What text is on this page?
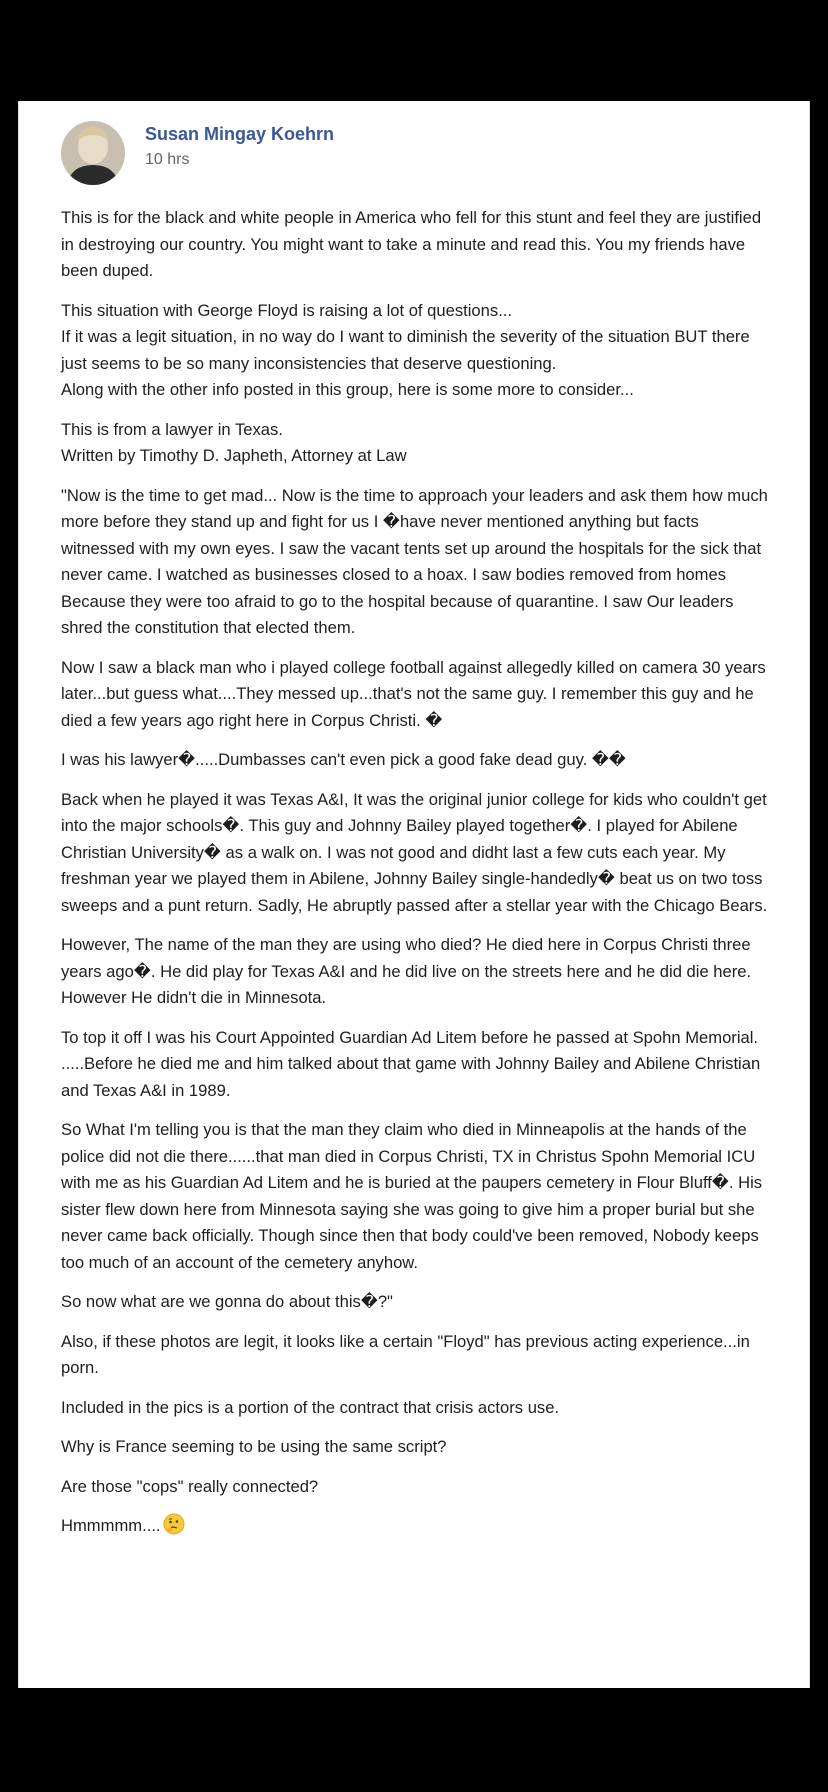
Susan Mingay Koehrn
10 hrs

This is for the black and white people in America who fell for this stunt and feel they are justified in destroying our country. You might want to take a minute and read this. You my friends have been duped.

This situation with George Floyd is raising a lot of questions...
If it was a legit situation, in no way do I want to diminish the severity of the situation BUT there just seems to be so many inconsistencies that deserve questioning.
Along with the other info posted in this group, here is some more to consider...

This is from a lawyer in Texas.
Written by Timothy D. Japheth, Attorney at Law

"Now is the time to get mad... Now is the time to approach your leaders and ask them how much more before they stand up and fight for us I �have never mentioned anything but facts witnessed with my own eyes. I saw the vacant tents set up around the hospitals for the sick that never came. I watched as businesses closed to a hoax. I saw bodies removed from homes Because they were too afraid to go to the hospital because of quarantine. I saw Our leaders shred the constitution that elected them.

Now I saw a black man who i played college football against allegedly killed on camera 30 years later...but guess what....They messed up...that's not the same guy. I remember this guy and he died a few years ago right here in Corpus Christi. �

I was his lawyer�.....Dumbasses can't even pick a good fake dead guy. ��

Back when he played it was Texas A&I, It was the original junior college for kids who couldn't get into the major schools�. This guy and Johnny Bailey played together�. I played for Abilene Christian University� as a walk on. I was not good and didht last a few cuts each year. My freshman year we played them in Abilene, Johnny Bailey single-handedly� beat us on two toss sweeps and a punt return. Sadly, He abruptly passed after a stellar year with the Chicago Bears.

However, The name of the man they are using who died? He died here in Corpus Christi three years ago�. He did play for Texas A&I and he did live on the streets here and he did die here. However He didn't die in Minnesota.

To top it off I was his Court Appointed Guardian Ad Litem before he passed at Spohn Memorial. .....Before he died me and him talked about that game with Johnny Bailey and Abilene Christian and Texas A&I in 1989.

So What I'm telling you is that the man they claim who died in Minneapolis at the hands of the police did not die there......that man died in Corpus Christi, TX in Christus Spohn Memorial ICU with me as his Guardian Ad Litem and he is buried at the paupers cemetery in Flour Bluff�. His sister flew down here from Minnesota saying she was going to give him a proper burial but she never came back officially. Though since then that body could've been removed, Nobody keeps too much of an account of the cemetery anyhow.

So now what are we gonna do about this�?"

Also, if these photos are legit, it looks like a certain "Floyd" has previous acting experience...in porn.

Included in the pics is a portion of the contract that crisis actors use.

Why is France seeming to be using the same script?

Are those "cops" really connected?

Hmmmmm....
